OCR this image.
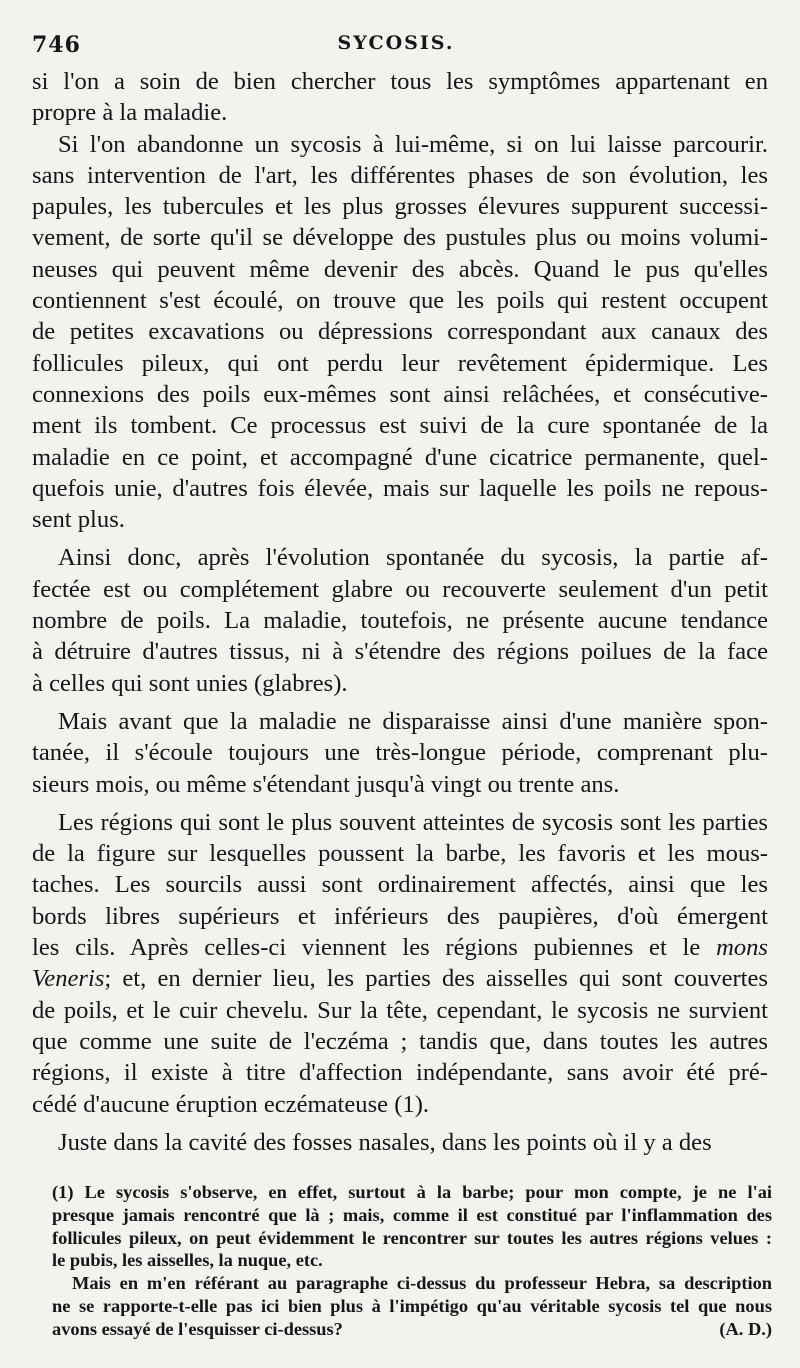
746	SYCOSIS.
si l'on a soin de bien chercher tous les symptômes appartenant en
propre à la maladie.
Si l'on abandonne un sycosis à lui-même, si on lui laisse parcourir.
sans intervention de l'art, les différentes phases de son évolution, les
papules, les tubercules et les plus grosses élevures suppurent successi-
vement, de sorte qu'il se développe des pustules plus ou moins volumi-
neuses qui peuvent même devenir des abcès. Quand le pus qu'elles
contiennent s'est écoulé, on trouve que les poils qui restent occupent
de petites excavations ou dépressions correspondant aux canaux des
follicules pileux, qui ont perdu leur revêtement épidermique. Les
connexions des poils eux-mêmes sont ainsi relâchées, et consécutive-
ment ils tombent. Ce processus est suivi de la cure spontanée de la
maladie en ce point, et accompagné d'une cicatrice permanente, quel-
quefois unie, d'autres fois élevée, mais sur laquelle les poils ne repous-
sent plus.
Ainsi donc, après l'évolution spontanée du sycosis, la partie af-
fectée est ou complétement glabre ou recouverte seulement d'un petit
nombre de poils. La maladie, toutefois, ne présente aucune tendance
à détruire d'autres tissus, ni à s'étendre des régions poilues de la face
à celles qui sont unies (glabres).
Mais avant que la maladie ne disparaisse ainsi d'une manière spon-
tanée, il s'écoule toujours une très-longue période, comprenant plu-
sieurs mois, ou même s'étendant jusqu'à vingt ou trente ans.
Les régions qui sont le plus souvent atteintes de sycosis sont les parties
de la figure sur lesquelles poussent la barbe, les favoris et les mous-
taches. Les sourcils aussi sont ordinairement affectés, ainsi que les
bords libres supérieurs et inférieurs des paupières, d'où émergent
les cils. Après celles-ci viennent les régions pubiennes et le mons
Veneris; et, en dernier lieu, les parties des aisselles qui sont couvertes
de poils, et le cuir chevelu. Sur la tête, cependant, le sycosis ne survient
que comme une suite de l'eczéma ; tandis que, dans toutes les autres
régions, il existe à titre d'affection indépendante, sans avoir été pré-
cédé d'aucune éruption eczémateuse (1).
Juste dans la cavité des fosses nasales, dans les points où il y a des
(1) Le sycosis s'observe, en effet, surtout à la barbe; pour mon compte, je ne l'ai
presque jamais rencontré que là ; mais, comme il est constitué par l'inflammation des
follicules pileux, on peut évidemment le rencontrer sur toutes les autres régions velues :
le pubis, les aisselles, la nuque, etc.
Mais en m'en référant au paragraphe ci-dessus du professeur Hebra, sa description
ne se rapporte-t-elle pas ici bien plus à l'impétigo qu'au véritable sycosis tel que nous
avons essayé de l'esquisser ci-dessus?	(A. D.)
